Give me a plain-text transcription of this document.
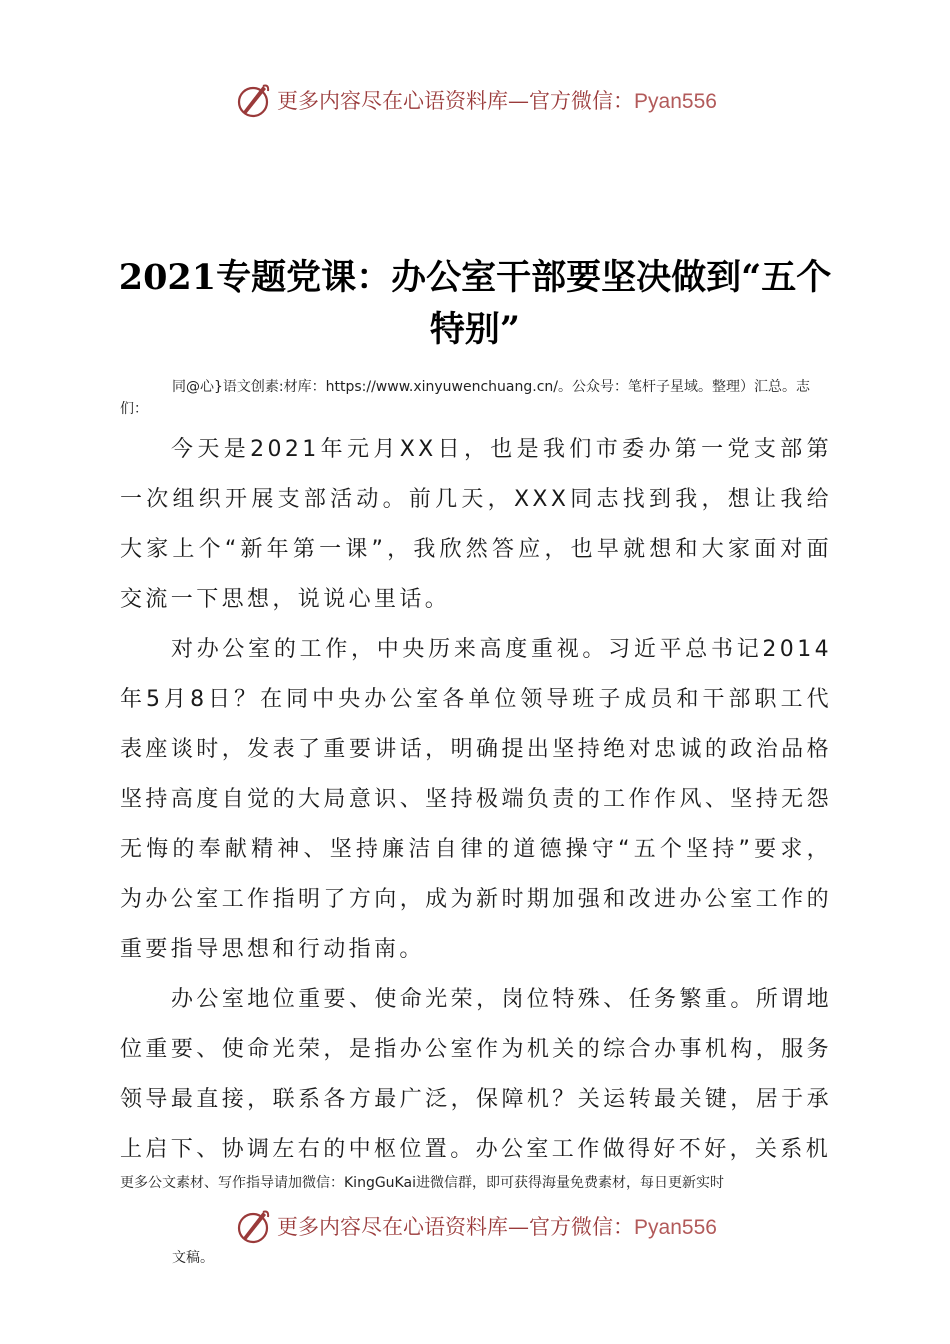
更多内容尽在心语资料库—官方微信：Pyan556
2021专题党课：办公室干部要坚决做到“五个特别”
同@心}语文创素:材库：https://www.xinyuwenchuang.cn/。公众号：笔杆子星域。整理）汇总。志们：

今天是2021年元月XX日，也是我们市委办第一党支部第一次组织开展支部活动。前几天，XXX同志找到我，想让我给大家上个“新年第一课”，我欣然答应，也早就想和大家面对面交流一下思想，说说心里话。

对办公室的工作，中央历来高度重视。习近平总书记2014年5月8日？在同中央办公室各单位领导班子成员和干部职工代表座谈时，发表了重要讲话，明确提出坚持绝对忠诚的政治品格坚持高度自觉的大局意识、坚持极端负责的工作作风、坚持无怨无悔的奉献精神、坚持廉洁自律的道德操守“五个坚持”要求，为办公室工作指明了方向，成为新时期加强和改进办公室工作的重要指导思想和行动指南。

办公室地位重要、使命光荣，岗位特殊、任务繁重。所谓地位重要、使命光荣，是指办公室作为机关的综合办事机构，服务领导最直接，联系各方最广泛，保障机？关运转最关键，居于承上启下、协调左右的中枢位置。办公室工作做得好不好，关系机

更多公文素材、写作指导请加微信：KingGuKai进微信群，即可获得海量免费素材，每日更新实时
更多内容尽在心语资料库—官方微信：Pyan556
文稿。
